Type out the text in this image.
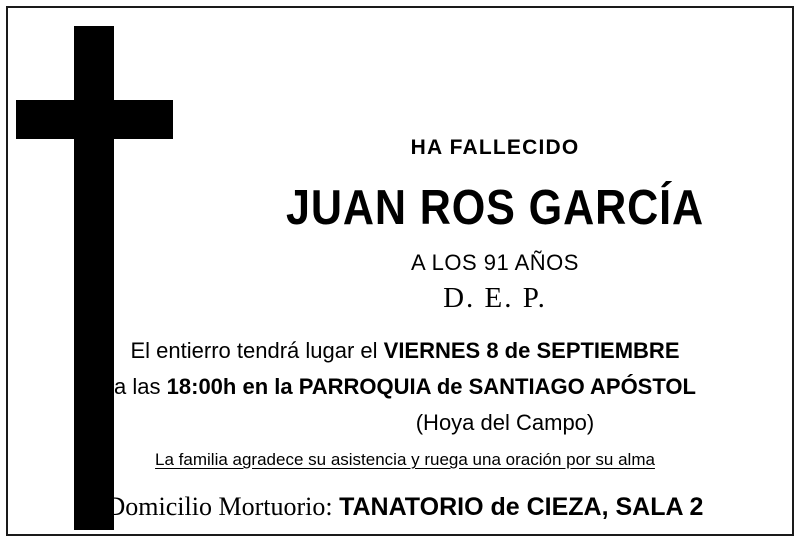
HA FALLECIDO
JUAN ROS GARCÍA
A LOS 91 AÑOS
D. E. P.
El entierro tendrá lugar el VIERNES 8 de SEPTIEMBRE
a las 18:00h en la PARROQUIA de SANTIAGO APÓSTOL
(Hoya del Campo)
La familia agradece su asistencia y ruega una oración por su alma
Domicilio Mortuorio: TANATORIO de CIEZA, SALA 2
